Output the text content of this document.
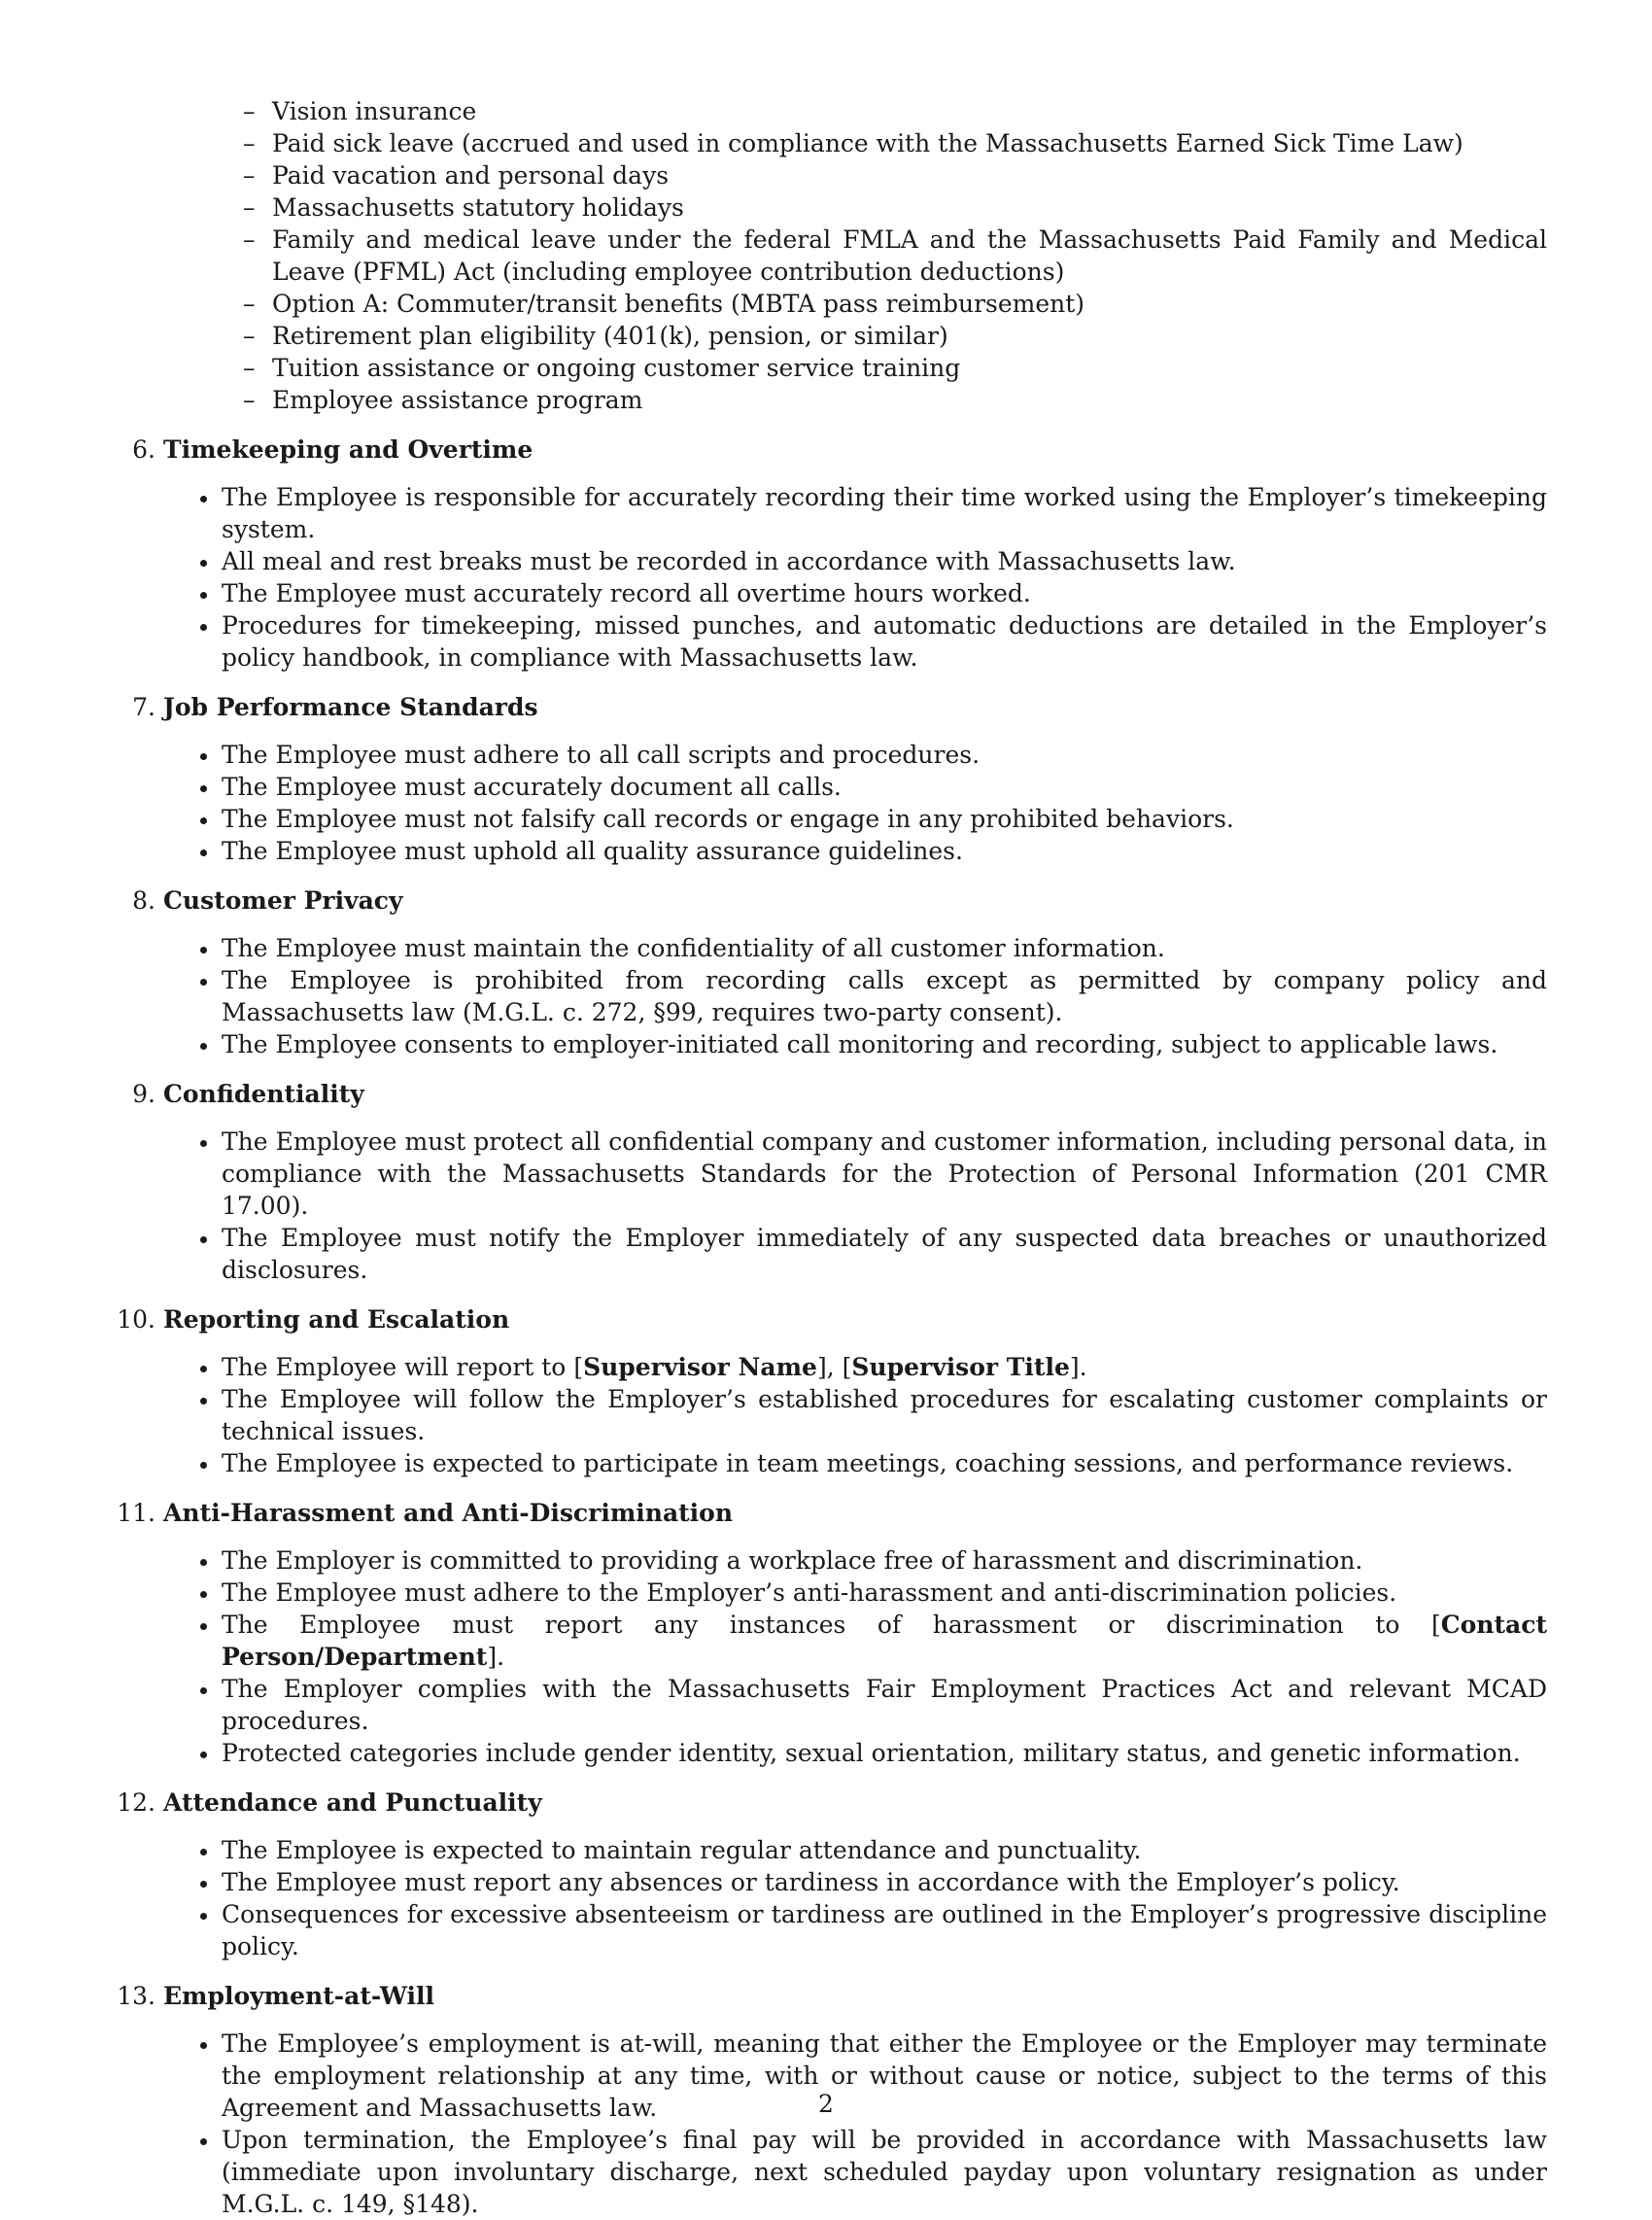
– Vision insurance
– Paid sick leave (accrued and used in compliance with the Massachusetts Earned Sick Time Law)
– Paid vacation and personal days
– Massachusetts statutory holidays
– Family and medical leave under the federal FMLA and the Massachusetts Paid Family and Medical Leave (PFML) Act (including employee contribution deductions)
– Option A: Commuter/transit benefits (MBTA pass reimbursement)
– Retirement plan eligibility (401(k), pension, or similar)
– Tuition assistance or ongoing customer service training
– Employee assistance program
6. Timekeeping and Overtime
The Employee is responsible for accurately recording their time worked using the Employer’s timekeeping system.
All meal and rest breaks must be recorded in accordance with Massachusetts law.
The Employee must accurately record all overtime hours worked.
Procedures for timekeeping, missed punches, and automatic deductions are detailed in the Employer’s policy handbook, in compliance with Massachusetts law.
7. Job Performance Standards
The Employee must adhere to all call scripts and procedures.
The Employee must accurately document all calls.
The Employee must not falsify call records or engage in any prohibited behaviors.
The Employee must uphold all quality assurance guidelines.
8. Customer Privacy
The Employee must maintain the confidentiality of all customer information.
The Employee is prohibited from recording calls except as permitted by company policy and Massachusetts law (M.G.L. c. 272, §99, requires two-party consent).
The Employee consents to employer-initiated call monitoring and recording, subject to applicable laws.
9. Confidentiality
The Employee must protect all confidential company and customer information, including personal data, in compliance with the Massachusetts Standards for the Protection of Personal Information (201 CMR 17.00).
The Employee must notify the Employer immediately of any suspected data breaches or unauthorized disclosures.
10. Reporting and Escalation
The Employee will report to [Supervisor Name], [Supervisor Title].
The Employee will follow the Employer’s established procedures for escalating customer complaints or technical issues.
The Employee is expected to participate in team meetings, coaching sessions, and performance reviews.
11. Anti-Harassment and Anti-Discrimination
The Employer is committed to providing a workplace free of harassment and discrimination.
The Employee must adhere to the Employer’s anti-harassment and anti-discrimination policies.
The Employee must report any instances of harassment or discrimination to [Contact Person/Department].
The Employer complies with the Massachusetts Fair Employment Practices Act and relevant MCAD procedures.
Protected categories include gender identity, sexual orientation, military status, and genetic information.
12. Attendance and Punctuality
The Employee is expected to maintain regular attendance and punctuality.
The Employee must report any absences or tardiness in accordance with the Employer’s policy.
Consequences for excessive absenteeism or tardiness are outlined in the Employer’s progressive discipline policy.
13. Employment-at-Will
The Employee’s employment is at-will, meaning that either the Employee or the Employer may terminate the employment relationship at any time, with or without cause or notice, subject to the terms of this Agreement and Massachusetts law.
Upon termination, the Employee’s final pay will be provided in accordance with Massachusetts law (immediate upon involuntary discharge, next scheduled payday upon voluntary resignation as under M.G.L. c. 149, §148).
2
